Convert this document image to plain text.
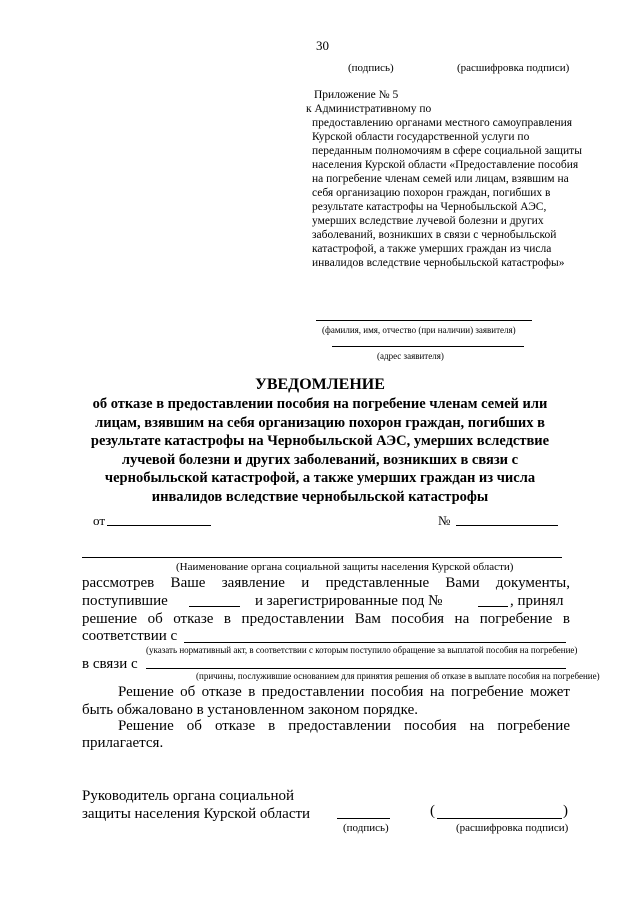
30
(подпись)	(расшифровка подписи)
Приложение № 5
к Административному по
предоставлению органами местного самоуправления
Курской области государственной услуги по
переданным полномочиям в сфере социальной защиты
населения Курской области «Предоставление пособия
на погребение членам семей или лицам, взявшим на
себя организацию похорон граждан, погибших в
результате катастрофы на Чернобыльской АЭС,
умерших вследствие лучевой болезни и других
заболеваний, возникших в связи с чернобыльской
катастрофой, а также умерших граждан из числа
инвалидов вследствие чернобыльской катастрофы»
(фамилия, имя, отчество (при наличии) заявителя)
(адрес заявителя)
УВЕДОМЛЕНИЕ
об отказе в предоставлении пособия на погребение членам семей или
лицам, взявшим на себя организацию похорон граждан, погибших в
результате катастрофы на Чернобыльской АЭС, умерших вследствие
лучевой болезни и других заболеваний, возникших в связи с
чернобыльской катастрофой, а также умерших граждан из числа
инвалидов вследствие чернобыльской катастрофы
от	№
(Наименование органа социальной защиты населения Курской области)
рассмотрев Ваше заявление и представленные Вами документы,
поступившие	и зарегистрированные под №	, принял
решение об отказе в предоставлении Вам пособия на погребение в
соответствии с
(указать нормативный акт, в соответствии с которым поступило обращение за выплатой пособия на погребение)
в связи с
(причины, послужившие основанием для принятия решения об отказе в выплате пособия на погребение)
Решение об отказе в предоставлении пособия на погребение может
быть обжаловано в установленном законом порядке.
Решение об отказе в предоставлении пособия на погребение
прилагается.
Руководитель органа социальной
защиты населения Курской области
(подпись)
(	)
(расшифровка подписи)
